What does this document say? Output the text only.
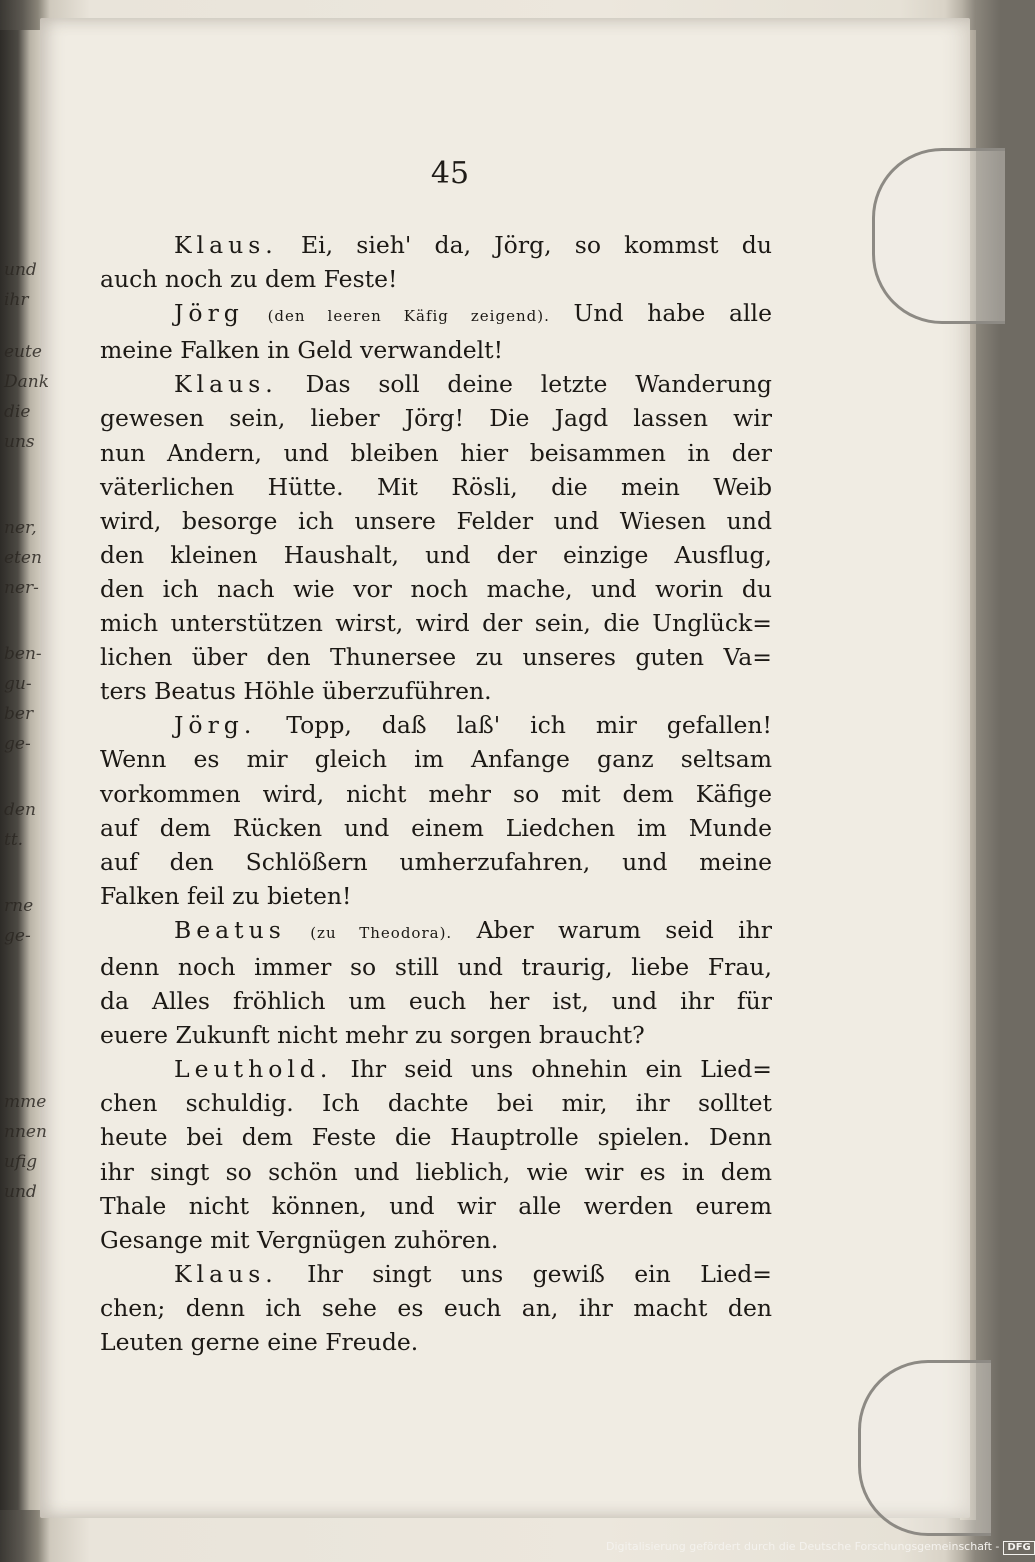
und
ihr
eute
Dank
die
uns
ner,
eten
ner-
ben-
gu-
ber
ge-
den
tt.
rne
ge-
mme
nnen
ufig
und
45
Klaus. Ei, sieh' da, Jörg, so kommst du
auch noch zu dem Feste!
Jörg (den leeren Käfig zeigend). Und habe alle
meine Falken in Geld verwandelt!
Klaus. Das soll deine letzte Wanderung
gewesen sein, lieber Jörg! Die Jagd lassen wir
nun Andern, und bleiben hier beisammen in der
väterlichen Hütte. Mit Rösli, die mein Weib
wird, besorge ich unsere Felder und Wiesen und
den kleinen Haushalt, und der einzige Ausflug,
den ich nach wie vor noch mache, und worin du
mich unterstützen wirst, wird der sein, die Unglück=
lichen über den Thunersee zu unseres guten Va=
ters Beatus Höhle überzuführen.
Jörg. Topp, daß laß' ich mir gefallen!
Wenn es mir gleich im Anfange ganz seltsam
vorkommen wird, nicht mehr so mit dem Käfige
auf dem Rücken und einem Liedchen im Munde
auf den Schlößern umherzufahren, und meine
Falken feil zu bieten!
Beatus (zu Theodora). Aber warum seid ihr
denn noch immer so still und traurig, liebe Frau,
da Alles fröhlich um euch her ist, und ihr für
euere Zukunft nicht mehr zu sorgen braucht?
Leuthold. Ihr seid uns ohnehin ein Lied=
chen schuldig. Ich dachte bei mir, ihr solltet
heute bei dem Feste die Hauptrolle spielen. Denn
ihr singt so schön und lieblich, wie wir es in dem
Thale nicht können, und wir alle werden eurem
Gesange mit Vergnügen zuhören.
Klaus. Ihr singt uns gewiß ein Lied=
chen; denn ich sehe es euch an, ihr macht den
Leuten gerne eine Freude.
Digitalisierung gefördert durch die Deutsche Forschungsgemeinschaft - DFG
